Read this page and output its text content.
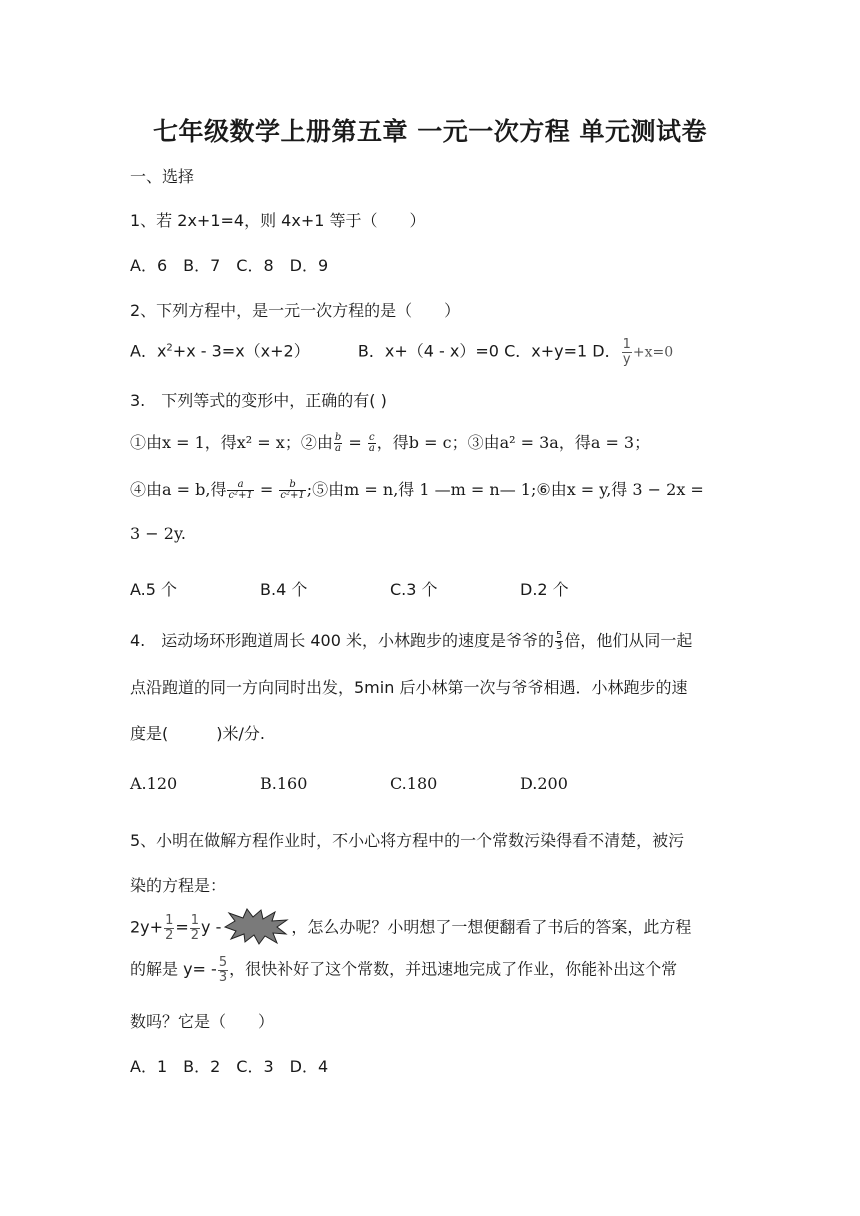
七年级数学上册第五章 一元一次方程 单元测试卷
一、选择
1、若 2x+1=4，则 4x+1 等于（　　）
A．6　B．7　C．8　D．9
2、下列方程中，是一元一次方程的是（　　）
A．$x^2+x - 3=x(x+2)$	B．x+（4 - x）=0 C．x+y=1 D． $\frac{1}{y} +x=0$
3.　下列等式的变形中，正确的有( )
①由x = 1，得x² = x；②由 $\frac{b}{a} = \frac{c}{a}$ ，得b = c；③由a² = 3a，得a = 3；
④由a = b,得 $\frac{a}{\text{c²+1}} = \frac{b}{\text{c²+1}}$ ;⑤由m = n,得 1 —m = n— 1;⑥由x = y,得 3 − 2x =
3 − 2y.
A.5 个	B.4 个	C.3 个	D.2 个
4.　运动场环形跑道周长 400 米，小林跑步的速度是爷爷的 $\frac{5}{3}$ 倍，他们从同一起
点沿跑道的同一方向同时出发，5min 后小林第一次与爷爷相遇．小林跑步的速
度是(　　　)米/分.
A.120	B.160	C.180	D.200
5、小明在做解方程作业时，不小心将方程中的一个常数污染得看不清楚，被污
染的方程是：
$2y+ \frac{1}{2} = \frac{1}{2}$ y -	，怎么办呢？小明想了一想便翻看了书后的答案，此方程
的解是 $y= - \frac{5}{3}$ ，很快补好了这个常数，并迅速地完成了作业，你能补出这个常
数吗？它是（　　）
A．1　B．2　C．3　D．4
